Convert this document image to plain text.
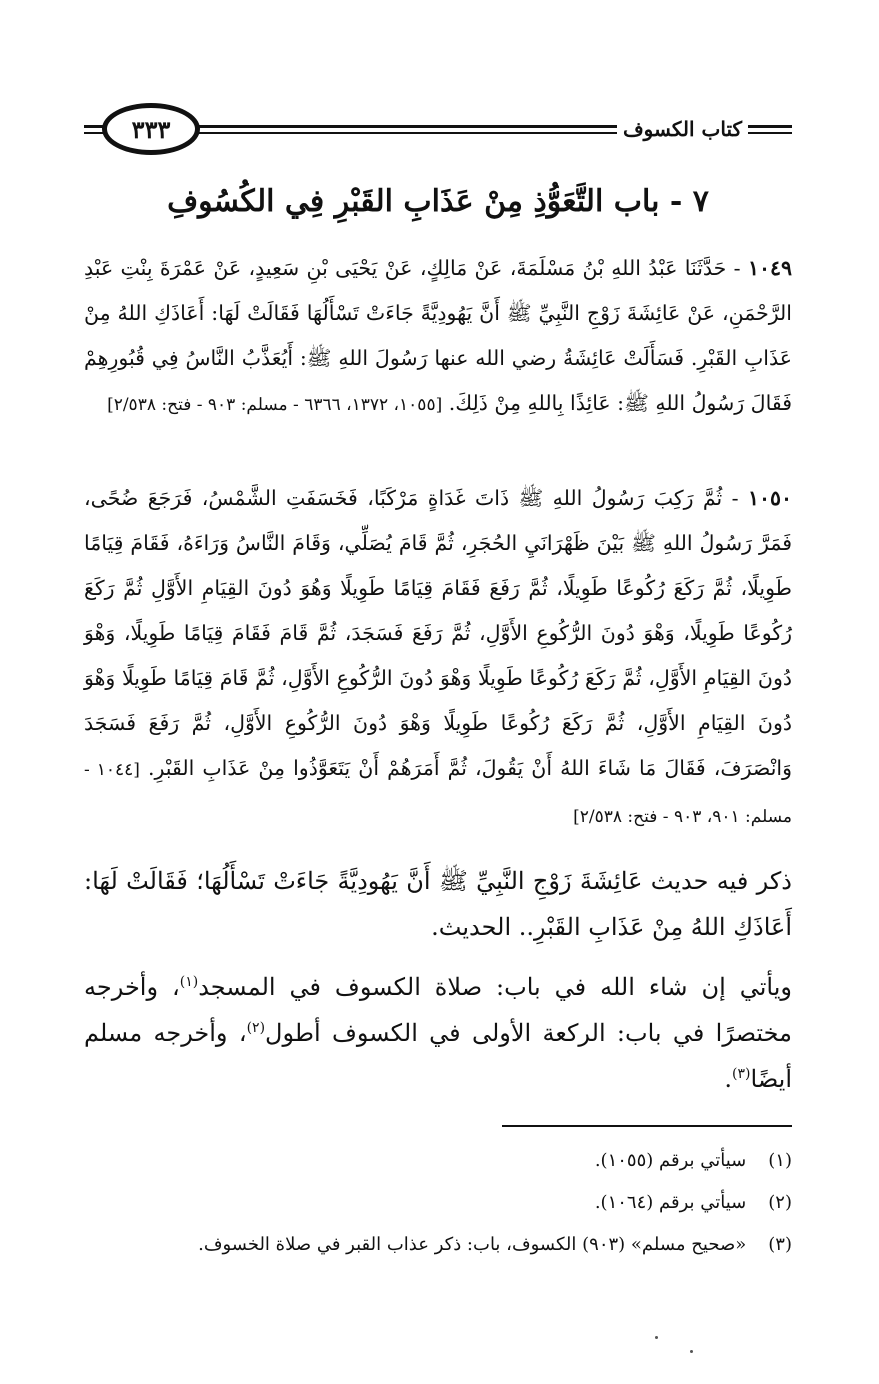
كتاب الكسوف
٣٣٣
٧ - باب التَّعَوُّذِ مِنْ عَذَابِ القَبْرِ فِي الكُسُوفِ

١٠٤٩ - حَدَّثَنَا عَبْدُ اللهِ بْنُ مَسْلَمَةَ، عَنْ مَالِكٍ، عَنْ يَحْيَى بْنِ سَعِيدٍ، عَنْ عَمْرَةَ بِنْتِ عَبْدِ الرَّحْمَنِ، عَنْ عَائِشَةَ زَوْجِ النَّبِيِّ ﷺ أَنَّ يَهُودِيَّةً جَاءَتْ تَسْأَلُهَا فَقَالَتْ لَهَا: أَعَاذَكِ اللهُ مِنْ عَذَابِ القَبْرِ. فَسَأَلَتْ عَائِشَةُ رضي الله عنها رَسُولَ اللهِ ﷺ: أَيُعَذَّبُ النَّاسُ فِي قُبُورِهِمْ فَقَالَ رَسُولُ اللهِ ﷺ: عَائِذًا بِاللهِ مِنْ ذَلِكَ. [١٠٥٥، ١٣٧٢، ٦٣٦٦ - مسلم: ٩٠٣ - فتح: ٢/٥٣٨]

١٠٥٠ - ثُمَّ رَكِبَ رَسُولُ اللهِ ﷺ ذَاتَ غَدَاةٍ مَرْكَبًا، فَخَسَفَتِ الشَّمْسُ، فَرَجَعَ ضُحًى، فَمَرَّ رَسُولُ اللهِ ﷺ بَيْنَ ظَهْرَانَيِ الحُجَرِ، ثُمَّ قَامَ يُصَلِّي، وَقَامَ النَّاسُ وَرَاءَهُ، فَقَامَ قِيَامًا طَوِيلًا، ثُمَّ رَكَعَ رُكُوعًا طَوِيلًا، ثُمَّ رَفَعَ فَقَامَ قِيَامًا طَوِيلًا وَهُوَ دُونَ القِيَامِ الأَوَّلِ ثُمَّ رَكَعَ رُكُوعًا طَوِيلًا، وَهْوَ دُونَ الرُّكُوعِ الأَوَّلِ، ثُمَّ رَفَعَ فَسَجَدَ، ثُمَّ قَامَ فَقَامَ قِيَامًا طَوِيلًا، وَهْوَ دُونَ القِيَامِ الأَوَّلِ، ثُمَّ رَكَعَ رُكُوعًا طَوِيلًا وَهْوَ دُونَ الرُّكُوعِ الأَوَّلِ، ثُمَّ قَامَ قِيَامًا طَوِيلًا وَهْوَ دُونَ القِيَامِ الأَوَّلِ، ثُمَّ رَكَعَ رُكُوعًا طَوِيلًا وَهْوَ دُونَ الرُّكُوعِ الأَوَّلِ، ثُمَّ رَفَعَ فَسَجَدَ وَانْصَرَفَ، فَقَالَ مَا شَاءَ اللهُ أَنْ يَقُولَ، ثُمَّ أَمَرَهُمْ أَنْ يَتَعَوَّذُوا مِنْ عَذَابِ القَبْرِ. [١٠٤٤ - مسلم: ٩٠١، ٩٠٣ - فتح: ٢/٥٣٨]

ذكر فيه حديث عَائِشَةَ زَوْجِ النَّبِيِّ ﷺ أَنَّ يَهُودِيَّةً جَاءَتْ تَسْأَلُهَا؛ فَقَالَتْ لَهَا: أَعَاذَكِ اللهُ مِنْ عَذَابِ القَبْرِ.. الحديث.

ويأتي إن شاء الله في باب: صلاة الكسوف في المسجد$^{(١)}$، وأخرجه مختصرًا في باب: الركعة الأولى في الكسوف أطول$^{(٢)}$، وأخرجه مسلم أيضًا$^{(٣)}$.

(١) سيأتي برقم (١٠٥٥).
(٢) سيأتي برقم (١٠٦٤).
(٣) «صحيح مسلم» (٩٠٣) الكسوف، باب: ذكر عذاب القبر في صلاة الخسوف.
